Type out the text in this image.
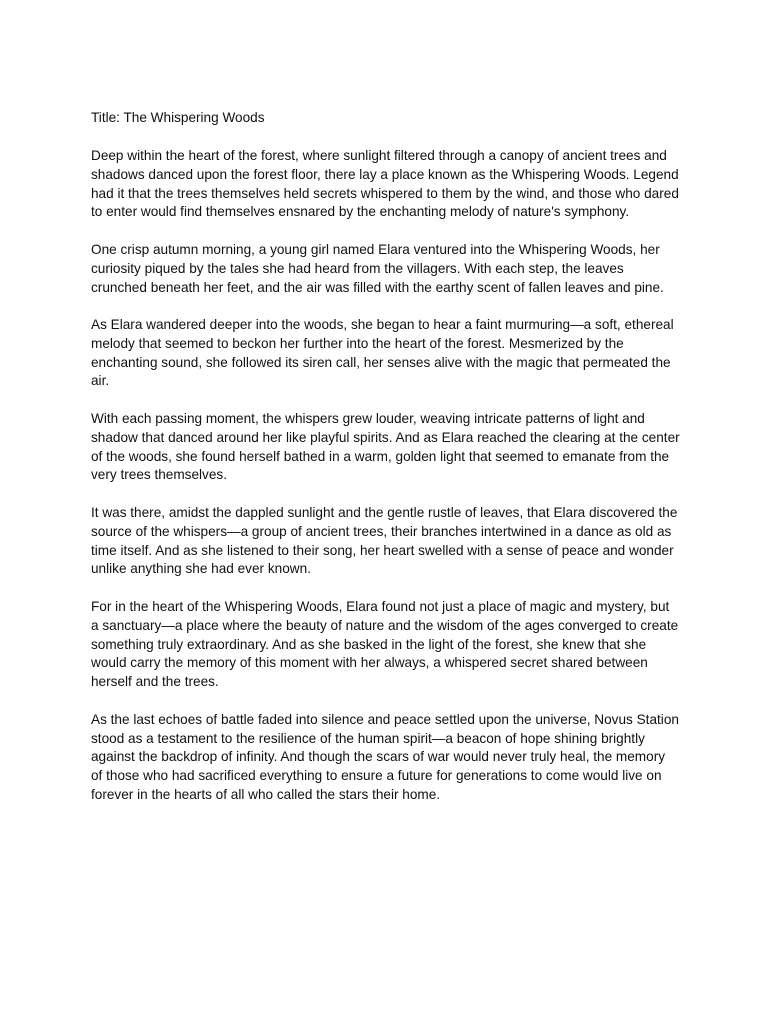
Title: The Whispering Woods

Deep within the heart of the forest, where sunlight filtered through a canopy of ancient trees and shadows danced upon the forest floor, there lay a place known as the Whispering Woods. Legend had it that the trees themselves held secrets whispered to them by the wind, and those who dared to enter would find themselves ensnared by the enchanting melody of nature's symphony.

One crisp autumn morning, a young girl named Elara ventured into the Whispering Woods, her curiosity piqued by the tales she had heard from the villagers. With each step, the leaves crunched beneath her feet, and the air was filled with the earthy scent of fallen leaves and pine.

As Elara wandered deeper into the woods, she began to hear a faint murmuring—a soft, ethereal melody that seemed to beckon her further into the heart of the forest. Mesmerized by the enchanting sound, she followed its siren call, her senses alive with the magic that permeated the air.

With each passing moment, the whispers grew louder, weaving intricate patterns of light and shadow that danced around her like playful spirits. And as Elara reached the clearing at the center of the woods, she found herself bathed in a warm, golden light that seemed to emanate from the very trees themselves.

It was there, amidst the dappled sunlight and the gentle rustle of leaves, that Elara discovered the source of the whispers—a group of ancient trees, their branches intertwined in a dance as old as time itself. And as she listened to their song, her heart swelled with a sense of peace and wonder unlike anything she had ever known.

For in the heart of the Whispering Woods, Elara found not just a place of magic and mystery, but a sanctuary—a place where the beauty of nature and the wisdom of the ages converged to create something truly extraordinary. And as she basked in the light of the forest, she knew that she would carry the memory of this moment with her always, a whispered secret shared between herself and the trees.

As the last echoes of battle faded into silence and peace settled upon the universe, Novus Station stood as a testament to the resilience of the human spirit—a beacon of hope shining brightly against the backdrop of infinity. And though the scars of war would never truly heal, the memory of those who had sacrificed everything to ensure a future for generations to come would live on forever in the hearts of all who called the stars their home.
